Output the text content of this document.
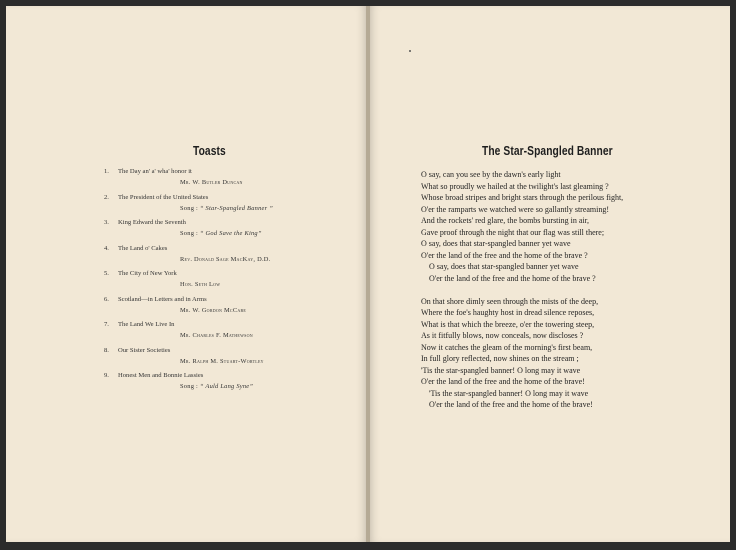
Toasts
1. The Day an' a' wha' honor it
Mr. W. Butler Duncan
2. The President of the United States
Song : “ Star-Spangled Banner ”
3. King Edward the Seventh
Song : “ God Save the King”
4. The Land o' Cakes
Rev. Donald Sage MacKay, D.D.
5. The City of New York
Hon. Seth Low
6. Scotland—in Letters and in Arms
Mr. W. Gordon McCabe
7. The Land We Live In
Mr. Charles F. Mathewson
8. Our Sister Societies
Mr. Ralph M. Stuart-Wortley
9. Honest Men and Bonnie Lassies
Song : “ Auld Lang Syne”
The Star-Spangled Banner
O say, can you see by the dawn's early light
What so proudly we hailed at the twilight's last gleaming ?
Whose broad stripes and bright stars through the perilous fight,
O'er the ramparts we watched were so gallantly streaming!
And the rockets' red glare, the bombs bursting in air,
Gave proof through the night that our flag was still there;
O say, does that star-spangled banner yet wave
O'er the land of the free and the home of the brave ?
O say, does that star-spangled banner yet wave
O'er the land of the free and the home of the brave ?
On that shore dimly seen through the mists of the deep,
Where the foe's haughty host in dread silence reposes,
What is that which the breeze, o'er the towering steep,
As it fitfully blows, now conceals, now discloses ?
Now it catches the gleam of the morning's first beam,
In full glory reflected, now shines on the stream ;
'Tis the star-spangled banner! O long may it wave
O'er the land of the free and the home of the brave!
'Tis the star-spangled banner! O long may it wave
O'er the land of the free and the home of the brave!
